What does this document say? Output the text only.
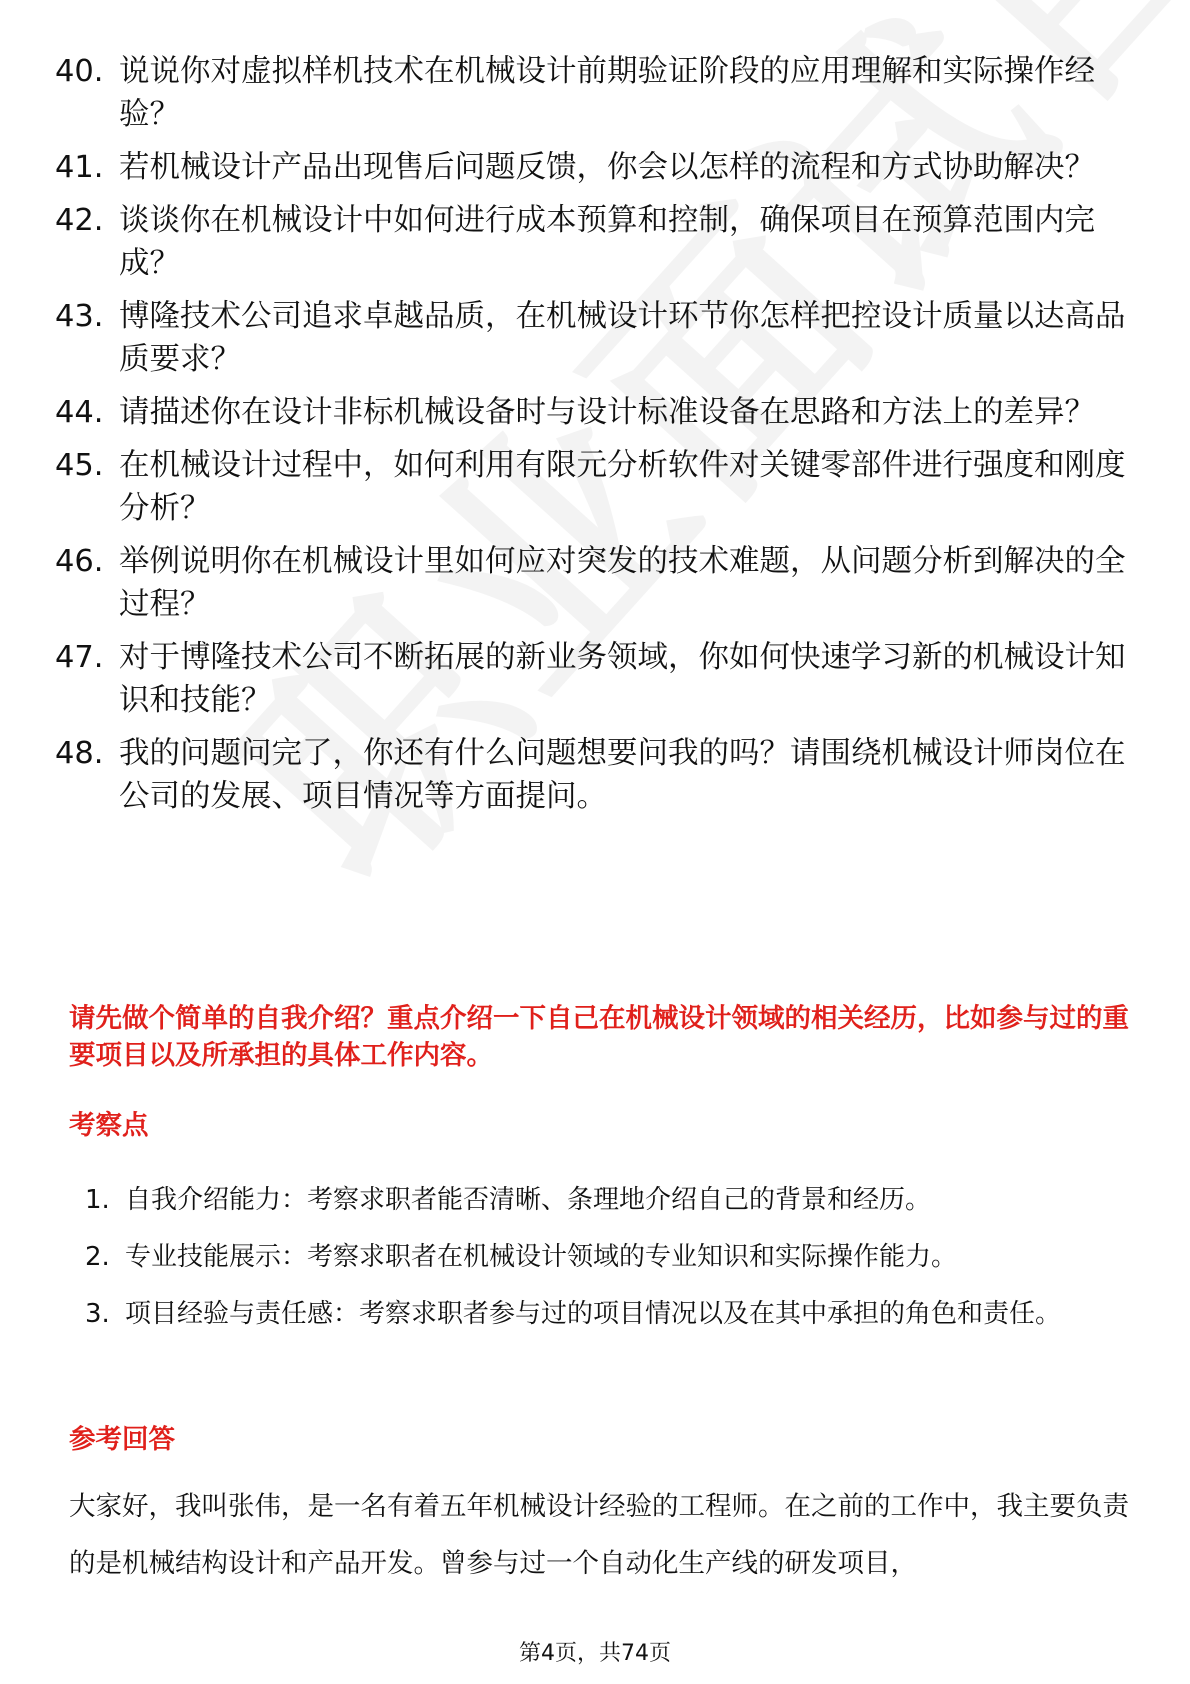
40. 说说你对虚拟样机技术在机械设计前期验证阶段的应用理解和实际操作经验？
41. 若机械设计产品出现售后问题反馈，你会以怎样的流程和方式协助解决？
42. 谈谈你在机械设计中如何进行成本预算和控制，确保项目在预算范围内完成？
43. 博隆技术公司追求卓越品质，在机械设计环节你怎样把控设计质量以达高品质要求？
44. 请描述你在设计非标机械设备时与设计标准设备在思路和方法上的差异？
45. 在机械设计过程中，如何利用有限元分析软件对关键零部件进行强度和刚度分析？
46. 举例说明你在机械设计里如何应对突发的技术难题，从问题分析到解决的全过程？
47. 对于博隆技术公司不断拓展的新业务领域，你如何快速学习新的机械设计知识和技能？
48. 我的问题问完了，你还有什么问题想要问我的吗？请围绕机械设计师岗位在公司的发展、项目情况等方面提问。
请先做个简单的自我介绍？重点介绍一下自己在机械设计领域的相关经历，比如参与过的重要项目以及所承担的具体工作内容。
考察点
1. 自我介绍能力：考察求职者能否清晰、条理地介绍自己的背景和经历。
2. 专业技能展示：考察求职者在机械设计领域的专业知识和实际操作能力。
3. 项目经验与责任感：考察求职者参与过的项目情况以及在其中承担的角色和责任。
参考回答
大家好，我叫张伟，是一名有着五年机械设计经验的工程师。在之前的工作中，我主要负责的是机械结构设计和产品开发。曾参与过一个自动化生产线的研发项目，
第4页，共74页
